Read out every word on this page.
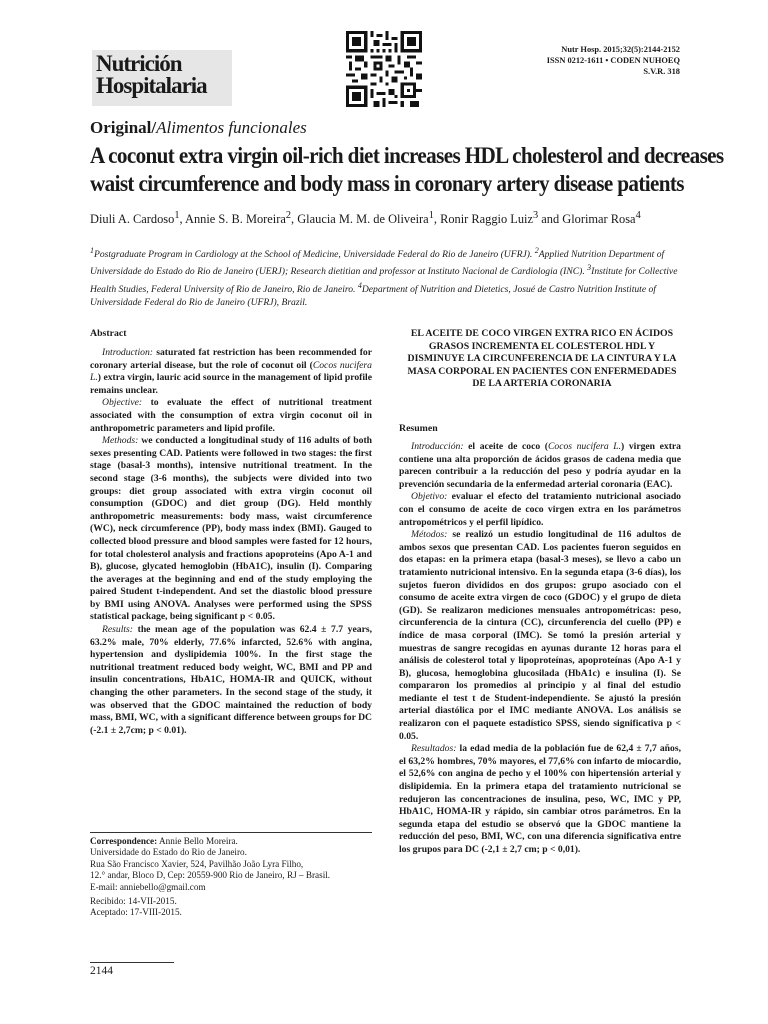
Nutrición
Hospitalaria
Nutr Hosp. 2015;32(5):2144-2152
ISSN 0212-1611 • CODEN NUHOEQ
S.V.R. 318
Original/Alimentos funcionales
A coconut extra virgin oil-rich diet increases HDL cholesterol and decreases
waist circumference and body mass in coronary artery disease patients
Diuli A. Cardoso$^1$, Annie S. B. Moreira$^2$, Glaucia M. M. de Oliveira$^1$, Ronir Raggio Luiz$^3$ and Glorimar Rosa$^4$
$^1$Postgraduate Program in Cardiology at the School of Medicine, Universidade Federal do Rio de Janeiro (UFRJ). $^2$Applied Nutrition Department of Universidade do Estado do Rio de Janeiro (UERJ); Research dietitian and professor at Instituto Nacional de Cardiologia (INC). $^3$Institute for Collective Health Studies, Federal University of Rio de Janeiro, Rio de Janeiro. $^4$Department of Nutrition and Dietetics, Josué de Castro Nutrition Institute of Universidade Federal do Rio de Janeiro (UFRJ), Brazil.
Abstract

Introduction: saturated fat restriction has been recommended for coronary arterial disease, but the role of coconut oil (Cocos nucifera L.) extra virgin, lauric acid source in the management of lipid profile remains unclear.

Objective: to evaluate the effect of nutritional treatment associated with the consumption of extra virgin coconut oil in anthropometric parameters and lipid profile.

Methods: we conducted a longitudinal study of 116 adults of both sexes presenting CAD. Patients were followed in two stages: the first stage (basal-3 months), intensive nutritional treatment. In the second stage (3-6 months), the subjects were divided into two groups: diet group associated with extra virgin coconut oil consumption (GDOC) and diet group (DG). Held monthly anthropometric measurements: body mass, waist circumference (WC), neck circumference (PP), body mass index (BMI). Gauged to collected blood pressure and blood samples were fasted for 12 hours, for total cholesterol analysis and fractions apoproteins (Apo A-1 and B), glucose, glycated hemoglobin (HbA1C), insulin (I). Comparing the averages at the beginning and end of the study employing the paired Student t-independent. And set the diastolic blood pressure by BMI using ANOVA. Analyses were performed using the SPSS statistical package, being significant p < 0.05.

Results: the mean age of the population was 62.4 ± 7.7 years, 63.2% male, 70% elderly, 77.6% infarcted, 52.6% with angina, hypertension and dyslipidemia 100%. In the first stage the nutritional treatment reduced body weight, WC, BMI and PP and insulin concentrations, HbA1C, HOMA-IR and QUICK, without changing the other parameters. In the second stage of the study, it was observed that the GDOC maintained the reduction of body mass, BMI, WC, with a significant difference between groups for DC (-2.1 ± 2,7cm; p < 0.01).

EL ACEITE DE COCO VIRGEN EXTRA RICO EN ÁCIDOS GRASOS INCREMENTA EL COLESTEROL HDL Y DISMINUYE LA CIRCUNFERENCIA DE LA CINTURA Y LA MASA CORPORAL EN PACIENTES CON ENFERMEDADES DE LA ARTERIA CORONARIA
Resumen

Introducción: el aceite de coco (Cocos nucifera L.) virgen extra contiene una alta proporción de ácidos grasos de cadena media que parecen contribuir a la reducción del peso y podría ayudar en la prevención secundaria de la enfermedad arterial coronaria (EAC).

Objetivo: evaluar el efecto del tratamiento nutricional asociado con el consumo de aceite de coco virgen extra en los parámetros antropométricos y el perfil lipídico.

Métodos: se realizó un estudio longitudinal de 116 adultos de ambos sexos que presentan CAD. Los pacientes fueron seguidos en dos etapas: en la primera etapa (basal-3 meses), se llevo a cabo un tratamiento nutricional intensivo. En la segunda etapa (3-6 días), los sujetos fueron divididos en dos grupos: grupo asociado con el consumo de aceite extra virgen de coco (GDOC) y el grupo de dieta (GD). Se realizaron mediciones mensuales antropométricas: peso, circunferencia de la cintura (CC), circunferencia del cuello (PP) e índice de masa corporal (IMC). Se tomó la presión arterial y muestras de sangre recogidas en ayunas durante 12 horas para el análisis de colesterol total y lipoproteínas, apoproteínas (Apo A-1 y B), glucosa, hemoglobina glucosilada (HbA1c) e insulina (I). Se compararon los promedios al principio y al final del estudio mediante el test t de Student-independiente. Se ajustó la presión arterial diastólica por el IMC mediante ANOVA. Los análisis se realizaron con el paquete estadístico SPSS, siendo significativa p < 0.05.

Resultados: la edad media de la población fue de 62,4 ± 7,7 años, el 63,2% hombres, 70% mayores, el 77,6% con infarto de miocardio, el 52,6% con angina de pecho y el 100% con hipertensión arterial y dislipidemia. En la primera etapa del tratamiento nutricional se redujeron las concentraciones de insulina, peso, WC, IMC y PP, HbA1C, HOMA-IR y rápido, sin cambiar otros parámetros. En la segunda etapa del estudio se observó que la GDOC mantiene la reducción del peso, BMI, WC, con una diferencia significativa entre los grupos para DC (-2,1 ± 2,7 cm; p < 0,01).

Correspondence: Annie Bello Moreira.
Universidade do Estado do Rio de Janeiro.
Rua São Francisco Xavier, 524, Pavilhão João Lyra Filho,
12.° andar, Bloco D, Cep: 20559-900 Rio de Janeiro, RJ – Brasil.
E-mail: anniebello@gmail.com
Recibido: 14-VII-2015.
Aceptado: 17-VIII-2015.
2144
